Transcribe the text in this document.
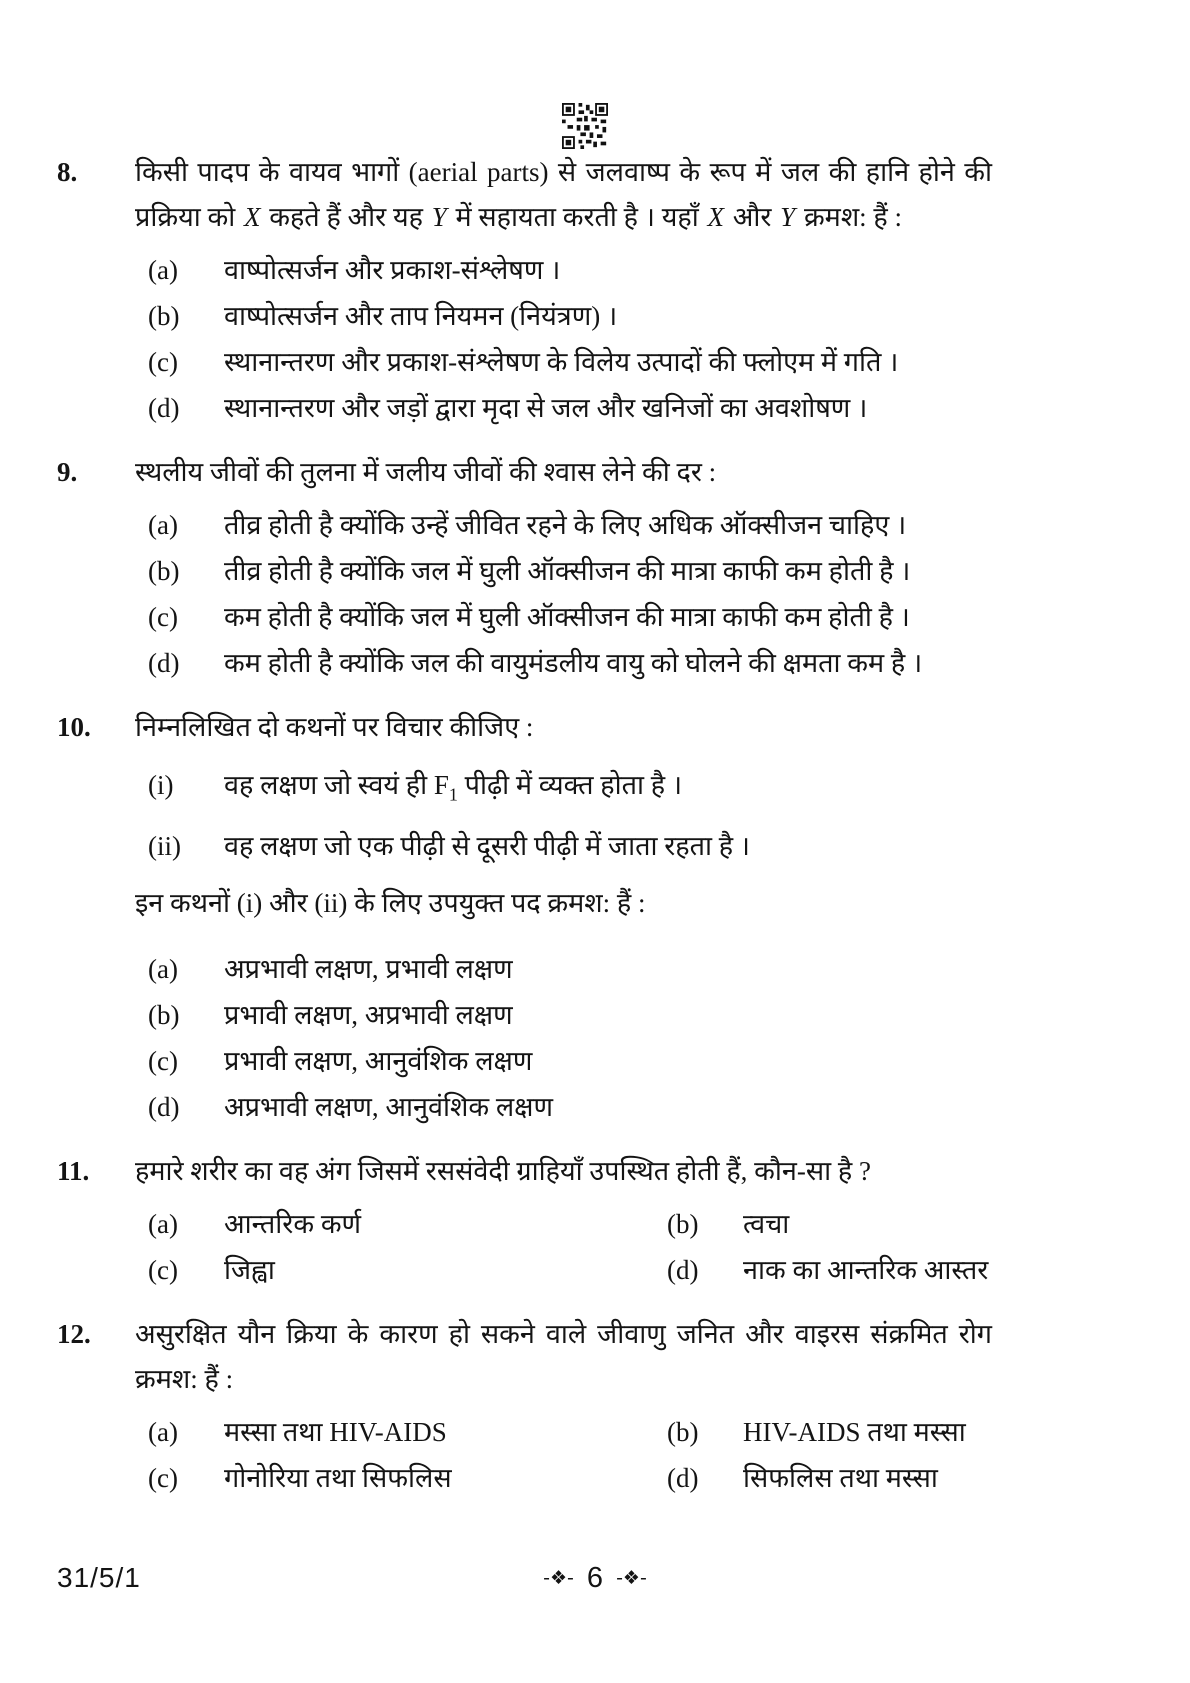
8.	किसी पादप के वायव भागों (aerial parts) से जलवाष्प के रूप में जल की हानि होने की प्रक्रिया को X कहते हैं और यह Y में सहायता करती है । यहाँ X और Y क्रमश: हैं :

(a)	वाष्पोत्सर्जन और प्रकाश-संश्लेषण ।
(b)	वाष्पोत्सर्जन और ताप नियमन (नियंत्रण) ।
(c)	स्थानान्तरण और प्रकाश-संश्लेषण के विलेय उत्पादों की फ्लोएम में गति ।
(d)	स्थानान्तरण और जड़ों द्वारा मृदा से जल और खनिजों का अवशोषण ।
9.	स्थलीय जीवों की तुलना में जलीय जीवों की श्वास लेने की दर :

(a)	तीव्र होती है क्योंकि उन्हें जीवित रहने के लिए अधिक ऑक्सीजन चाहिए ।
(b)	तीव्र होती है क्योंकि जल में घुली ऑक्सीजन की मात्रा काफी कम होती है ।
(c)	कम होती है क्योंकि जल में घुली ऑक्सीजन की मात्रा काफी कम होती है ।
(d)	कम होती है क्योंकि जल की वायुमंडलीय वायु को घोलने की क्षमता कम है ।
10.	निम्नलिखित दो कथनों पर विचार कीजिए :

(i)	वह लक्षण जो स्वयं ही $F_1$ पीढ़ी में व्यक्त होता है ।
(ii)	वह लक्षण जो एक पीढ़ी से दूसरी पीढ़ी में जाता रहता है ।

इन कथनों (i) और (ii) के लिए उपयुक्त पद क्रमश: हैं :

(a)	अप्रभावी लक्षण, प्रभावी लक्षण
(b)	प्रभावी लक्षण, अप्रभावी लक्षण
(c)	प्रभावी लक्षण, आनुवंशिक लक्षण
(d)	अप्रभावी लक्षण, आनुवंशिक लक्षण
11.	हमारे शरीर का वह अंग जिसमें रससंवेदी ग्राहियाँ उपस्थित होती हैं, कौन-सा है ?

(a)	आन्तरिक कर्ण	(b)	त्वचा
(c)	जिह्वा	(d)	नाक का आन्तरिक आस्तर
12.	असुरक्षित यौन क्रिया के कारण हो सकने वाले जीवाणु जनित और वाइरस संक्रमित रोग क्रमश: हैं :

(a)	मस्सा तथा HIV-AIDS	(b)	HIV-AIDS तथा मस्सा
(c)	गोनोरिया तथा सिफलिस	(d)	सिफलिस तथा मस्सा
31/5/1	-❖- 6 -❖-
